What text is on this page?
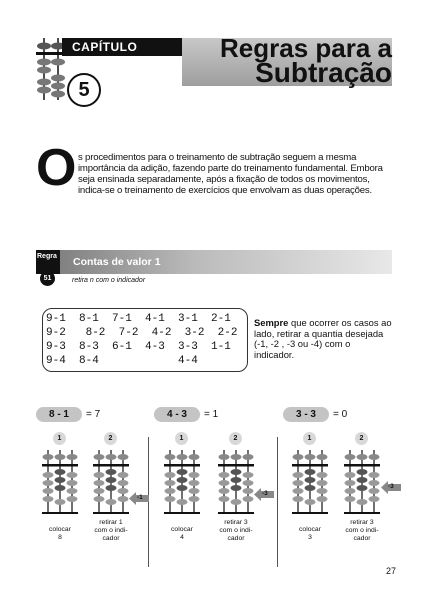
CAPÍTULO
5
Regras para a
Subtração
O s procedimentos para o treinamento de subtração seguem a mesma importância da adição, fazendo parte do treinamento fundamental. Embora seja ensinada separadamente, após a fixação de todos os movimentos, indica-se o treinamento de exercícios que envolvam as duas operações.
Regra
51
Contas de valor 1
retira n com o indicador
9-1  8-1  7-1  4-1  3-1  2-1
9-2   8-2  7-2  4-2  3-2  2-2
9-3  8-3  6-1  4-3  3-3  1-1
9-4  8-4            4-4
Sempre que ocorrer os casos ao lado, retirar a quantia desejada (-1, -2 , -3 ou -4) com o indicador.
8 - 1	= 7	4 - 3	= 1	3 - 3	= 0
1	2	1	2	1	2
-1
-3
-3
colocar
8
retirar 1
com o indi-
cador
colocar
4
retirar 3
com o indi-
cador
colocar
3
retirar 3
com o indi-
cador
27
